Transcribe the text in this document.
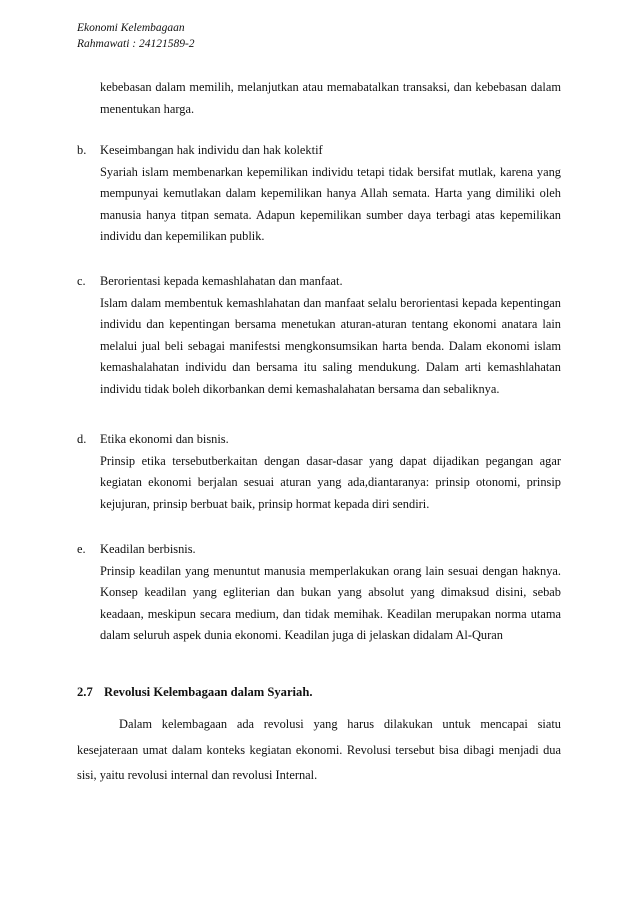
Ekonomi Kelembagaan
Rahmawati : 24121589-2

kebebasan dalam memilih, melanjutkan atau memabatalkan transaksi, dan kebebasan dalam menentukan harga.

b. Keseimbangan hak individu dan hak kolektif

Syariah islam membenarkan kepemilikan individu tetapi tidak bersifat mutlak, karena yang mempunyai kemutlakan dalam kepemilikan hanya Allah semata. Harta yang dimiliki oleh manusia hanya titpan semata. Adapun kepemilikan sumber daya terbagi atas kepemilikan individu dan kepemilikan publik.

c. Berorientasi kepada kemashlahatan dan manfaat.

Islam dalam membentuk kemashlahatan dan manfaat selalu berorientasi kepada kepentingan individu dan kepentingan bersama menetukan aturan-aturan tentang ekonomi anatara lain melalui jual beli sebagai manifestsi mengkonsumsikan harta benda. Dalam ekonomi islam kemashalahatan individu dan bersama itu saling mendukung. Dalam arti kemashlahatan individu tidak boleh dikorbankan demi kemashalahatan bersama dan sebaliknya.

d. Etika ekonomi dan bisnis.

Prinsip etika tersebutberkaitan dengan dasar-dasar yang dapat dijadikan pegangan agar kegiatan ekonomi berjalan sesuai aturan yang ada,diantaranya: prinsip otonomi, prinsip kejujuran, prinsip berbuat baik, prinsip hormat kepada diri sendiri.

e. Keadilan berbisnis.

Prinsip keadilan yang menuntut manusia memperlakukan orang lain sesuai dengan haknya. Konsep keadilan yang egliterian dan bukan yang absolut yang dimaksud disini, sebab keadaan, meskipun secara medium, dan tidak memihak. Keadilan merupakan norma utama dalam seluruh aspek dunia ekonomi. Keadilan juga di jelaskan didalam Al-Quran

2.7 Revolusi Kelembagaan dalam Syariah.

Dalam kelembagaan ada revolusi yang harus dilakukan untuk mencapai siatu kesejateraan umat dalam konteks kegiatan ekonomi. Revolusi tersebut bisa dibagi menjadi dua sisi, yaitu revolusi internal dan revolusi Internal.
